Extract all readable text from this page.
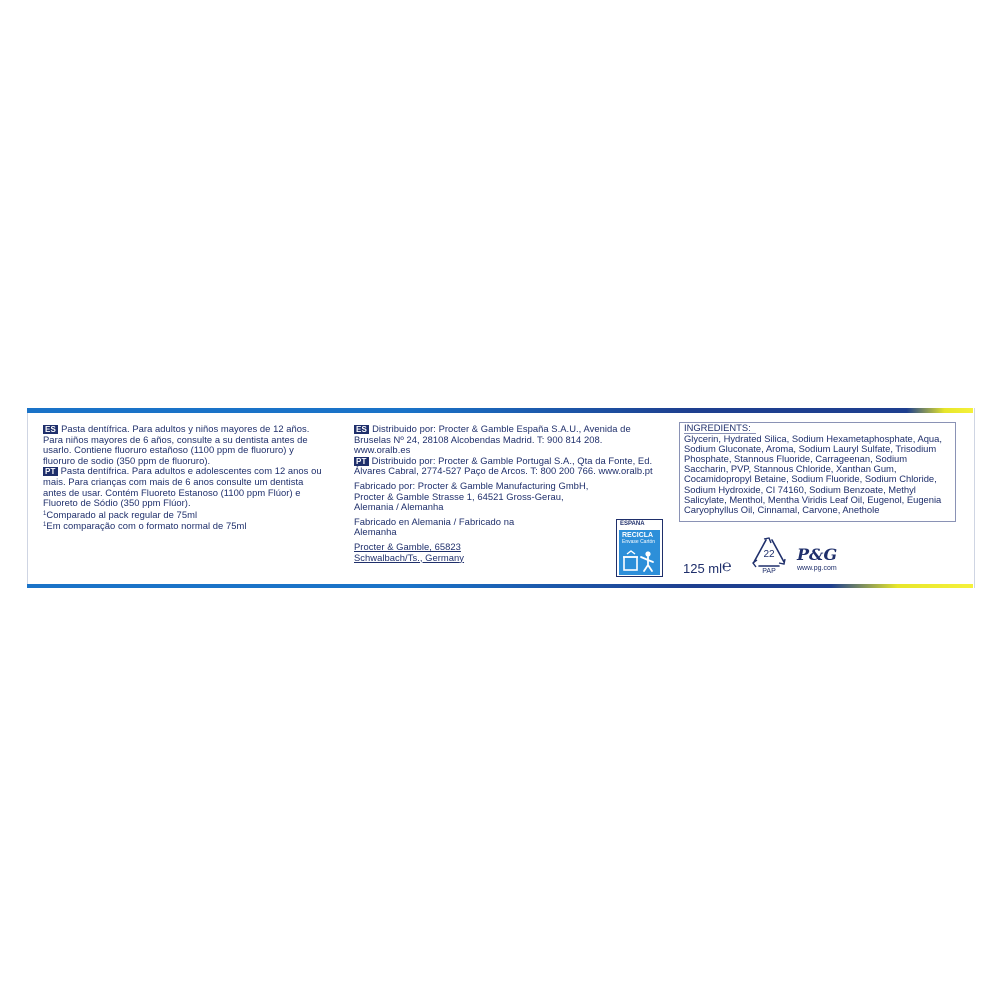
ES Pasta dentífrica. Para adultos y niños mayores de 12 años. Para niños mayores de 6 años, consulte a su dentista antes de usarlo. Contiene fluoruro estañoso (1100 ppm de fluoruro) y fluoruro de sodio (350 ppm de fluoruro).

PT Pasta dentífrica. Para adultos e adolescentes com 12 anos ou mais. Para crianças com mais de 6 anos consulte um dentista antes de usar. Contém Fluoreto Estanoso (1100 ppm Flúor) e Fluoreto de Sódio (350 ppm Flúor).

$^1$Comparado al pack regular de 75ml

$^1$Em comparação com o formato normal de 75ml

ES Distribuido por: Procter & Gamble España S.A.U., Avenida de Bruselas Nº 24, 28108 Alcobendas Madrid. T: 900 814 208. www.oralb.es

PT Distribuido por: Procter & Gamble Portugal S.A., Qta da Fonte, Ed. Álvares Cabral, 2774-527 Paço de Arcos. T: 800 200 766. www.oralb.pt

Fabricado por: Procter & Gamble Manufacturing GmbH, Procter & Gamble Strasse 1, 64521 Gross-Gerau, Alemania / Alemanha

Fabricado en Alemania / Fabricado na Alemanha

Procter & Gamble, 65823 Schwalbach/Ts., Germany

INGREDIENTS:

Glycerin, Hydrated Silica, Sodium Hexametaphosphate, Aqua, Sodium Gluconate, Aroma, Sodium Lauryl Sulfate, Trisodium Phosphate, Stannous Fluoride, Carrageenan, Sodium Saccharin, PVP, Stannous Chloride, Xanthan Gum, Cocamidopropyl Betaine, Sodium Fluoride, Sodium Chloride, Sodium Hydroxide, CI 74160, Sodium Benzoate, Methyl Salicylate, Menthol, Mentha Viridis Leaf Oil, Eugenol, Eugenia Caryophyllus Oil, Cinnamal, Carvone, Anethole

ESPAÑA
RECICLA
Envase Cartón
125 ml ℮
22
PAP
P&G
www.pg.com
